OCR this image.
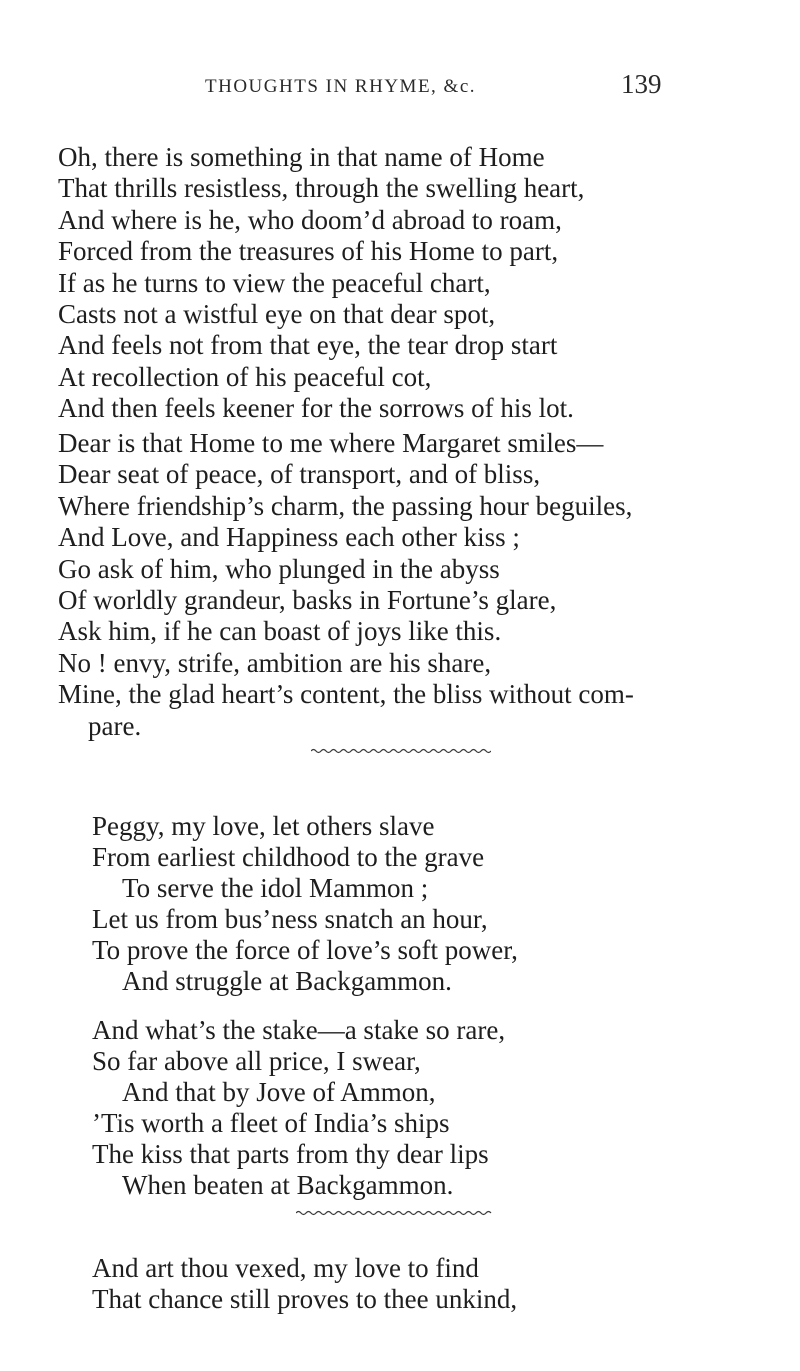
THOUGHTS IN RHYME, &c.	139
Oh, there is something in that name of Home
That thrills resistless, through the swelling heart,
And where is he, who doom’d abroad to roam,
Forced from the treasures of his Home to part,
If as he turns to view the peaceful chart,
Casts not a wistful eye on that dear spot,
And feels not from that eye, the tear drop start
At recollection of his peaceful cot,
And then feels keener for the sorrows of his lot.
Dear is that Home to me where Margaret smiles—
Dear seat of peace, of transport, and of bliss,
Where friendship’s charm, the passing hour beguiles,
And Love, and Happiness each other kiss ;
Go ask of him, who plunged in the abyss
Of worldly grandeur, basks in Fortune’s glare,
Ask him, if he can boast of joys like this.
No ! envy, strife, ambition are his share,
Mine, the glad heart’s content, the bliss without com-
pare.
Peggy, my love, let others slave
From earliest childhood to the grave
To serve the idol Mammon ;
Let us from bus’ness snatch an hour,
To prove the force of love’s soft power,
And struggle at Backgammon.
And what’s the stake—a stake so rare,
So far above all price, I swear,
And that by Jove of Ammon,
’Tis worth a fleet of India’s ships
The kiss that parts from thy dear lips
When beaten at Backgammon.
And art thou vexed, my love to find
That chance still proves to thee unkind,
